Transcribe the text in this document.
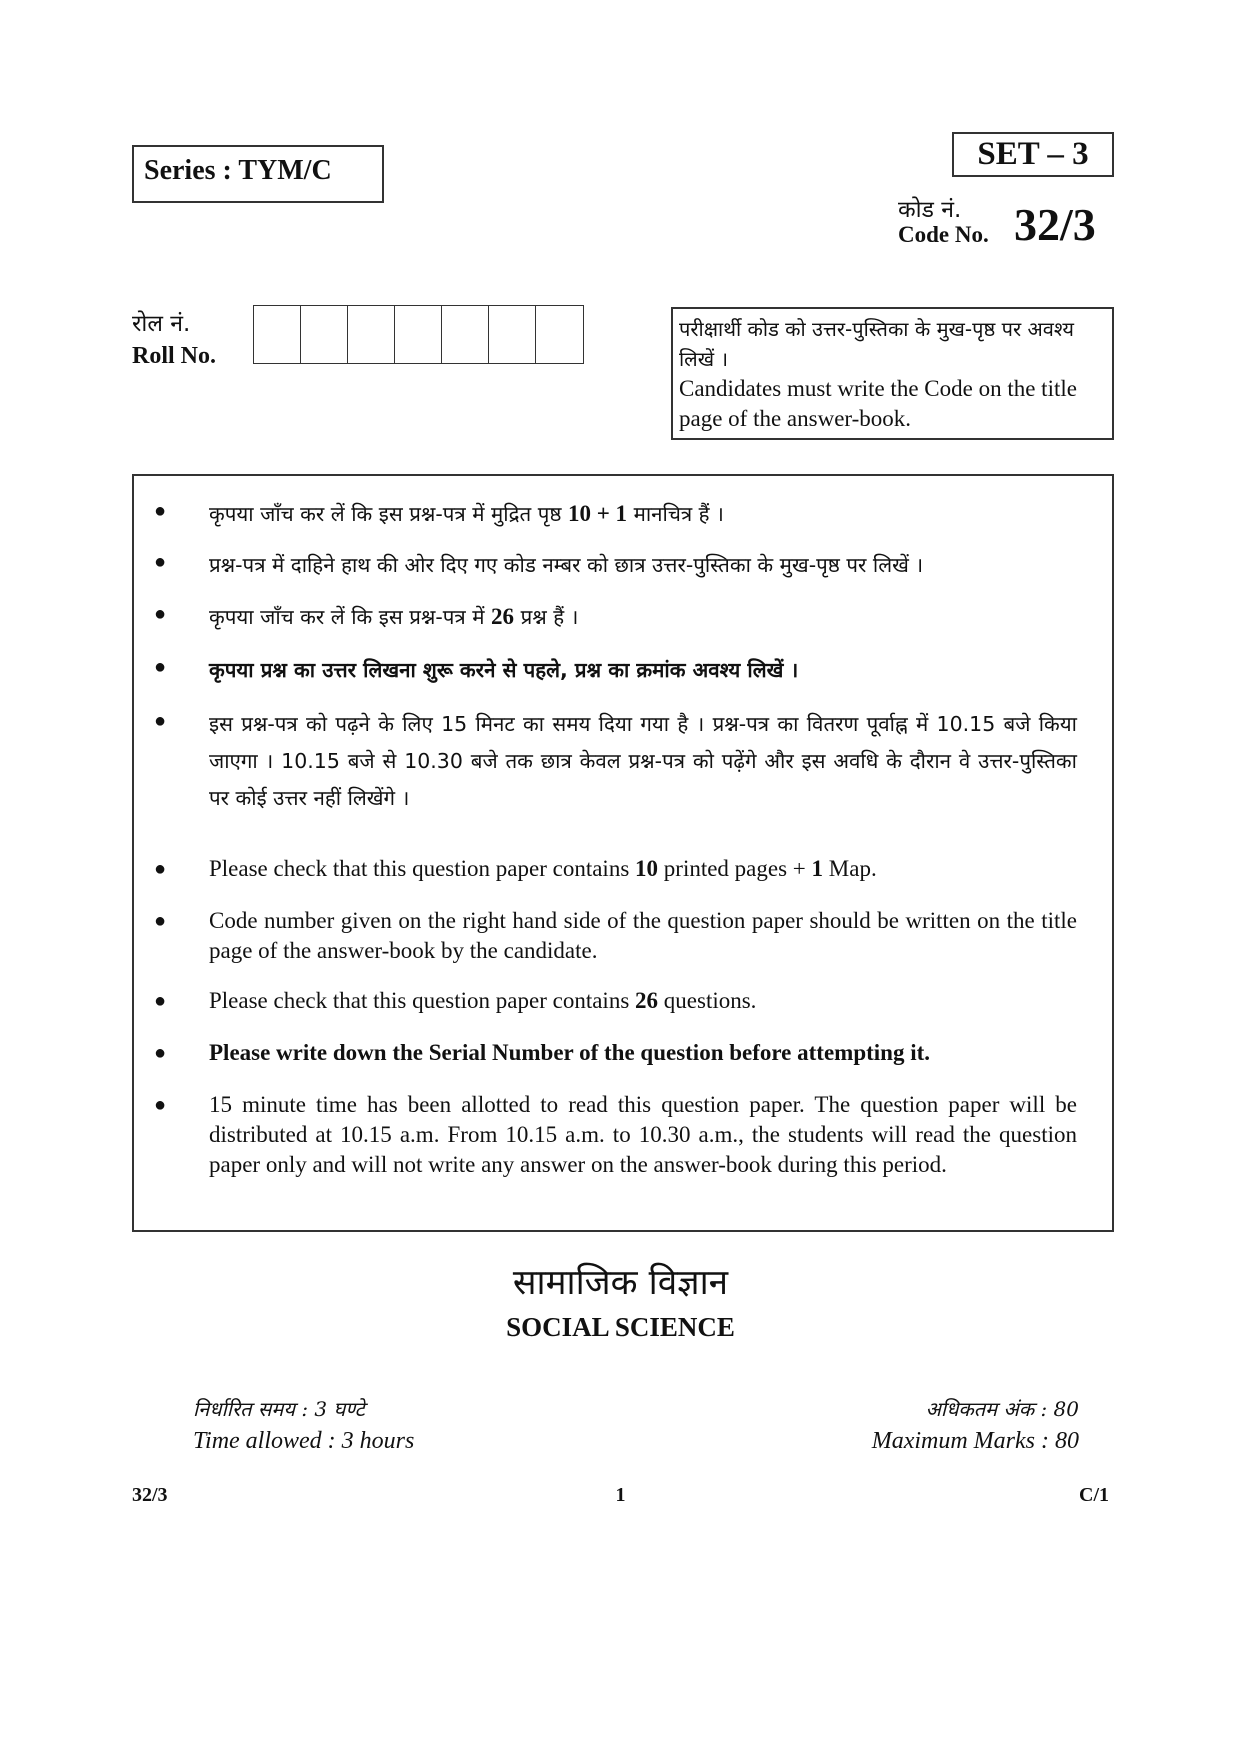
Series : TYM/C	SET – 3
कोड नं.
Code No. 32/3
रोल नं.
Roll No.
परीक्षार्थी कोड को उत्तर-पुस्तिका के मुख-पृष्ठ पर अवश्य लिखें ।
Candidates must write the Code on the title page of the answer-book.
● कृपया जाँच कर लें कि इस प्रश्न-पत्र में मुद्रित पृष्ठ 10 + 1 मानचित्र हैं ।
● प्रश्न-पत्र में दाहिने हाथ की ओर दिए गए कोड नम्बर को छात्र उत्तर-पुस्तिका के मुख-पृष्ठ पर लिखें ।
● कृपया जाँच कर लें कि इस प्रश्न-पत्र में 26 प्रश्न हैं ।
● कृपया प्रश्न का उत्तर लिखना शुरू करने से पहले, प्रश्न का क्रमांक अवश्य लिखें ।
● इस प्रश्न-पत्र को पढ़ने के लिए 15 मिनट का समय दिया गया है । प्रश्न-पत्र का वितरण पूर्वाह्न में 10.15 बजे किया जाएगा । 10.15 बजे से 10.30 बजे तक छात्र केवल प्रश्न-पत्र को पढ़ेंगे और इस अवधि के दौरान वे उत्तर-पुस्तिका पर कोई उत्तर नहीं लिखेंगे ।
● Please check that this question paper contains 10 printed pages + 1 Map.
● Code number given on the right hand side of the question paper should be written on the title page of the answer-book by the candidate.
● Please check that this question paper contains 26 questions.
● Please write down the Serial Number of the question before attempting it.
● 15 minute time has been allotted to read this question paper. The question paper will be distributed at 10.15 a.m. From 10.15 a.m. to 10.30 a.m., the students will read the question paper only and will not write any answer on the answer-book during this period.
सामाजिक विज्ञान
SOCIAL SCIENCE
निर्धारित समय : 3 घण्टे
Time allowed : 3 hours
अधिकतम अंक : 80
Maximum Marks : 80
32/3	1	C/1
